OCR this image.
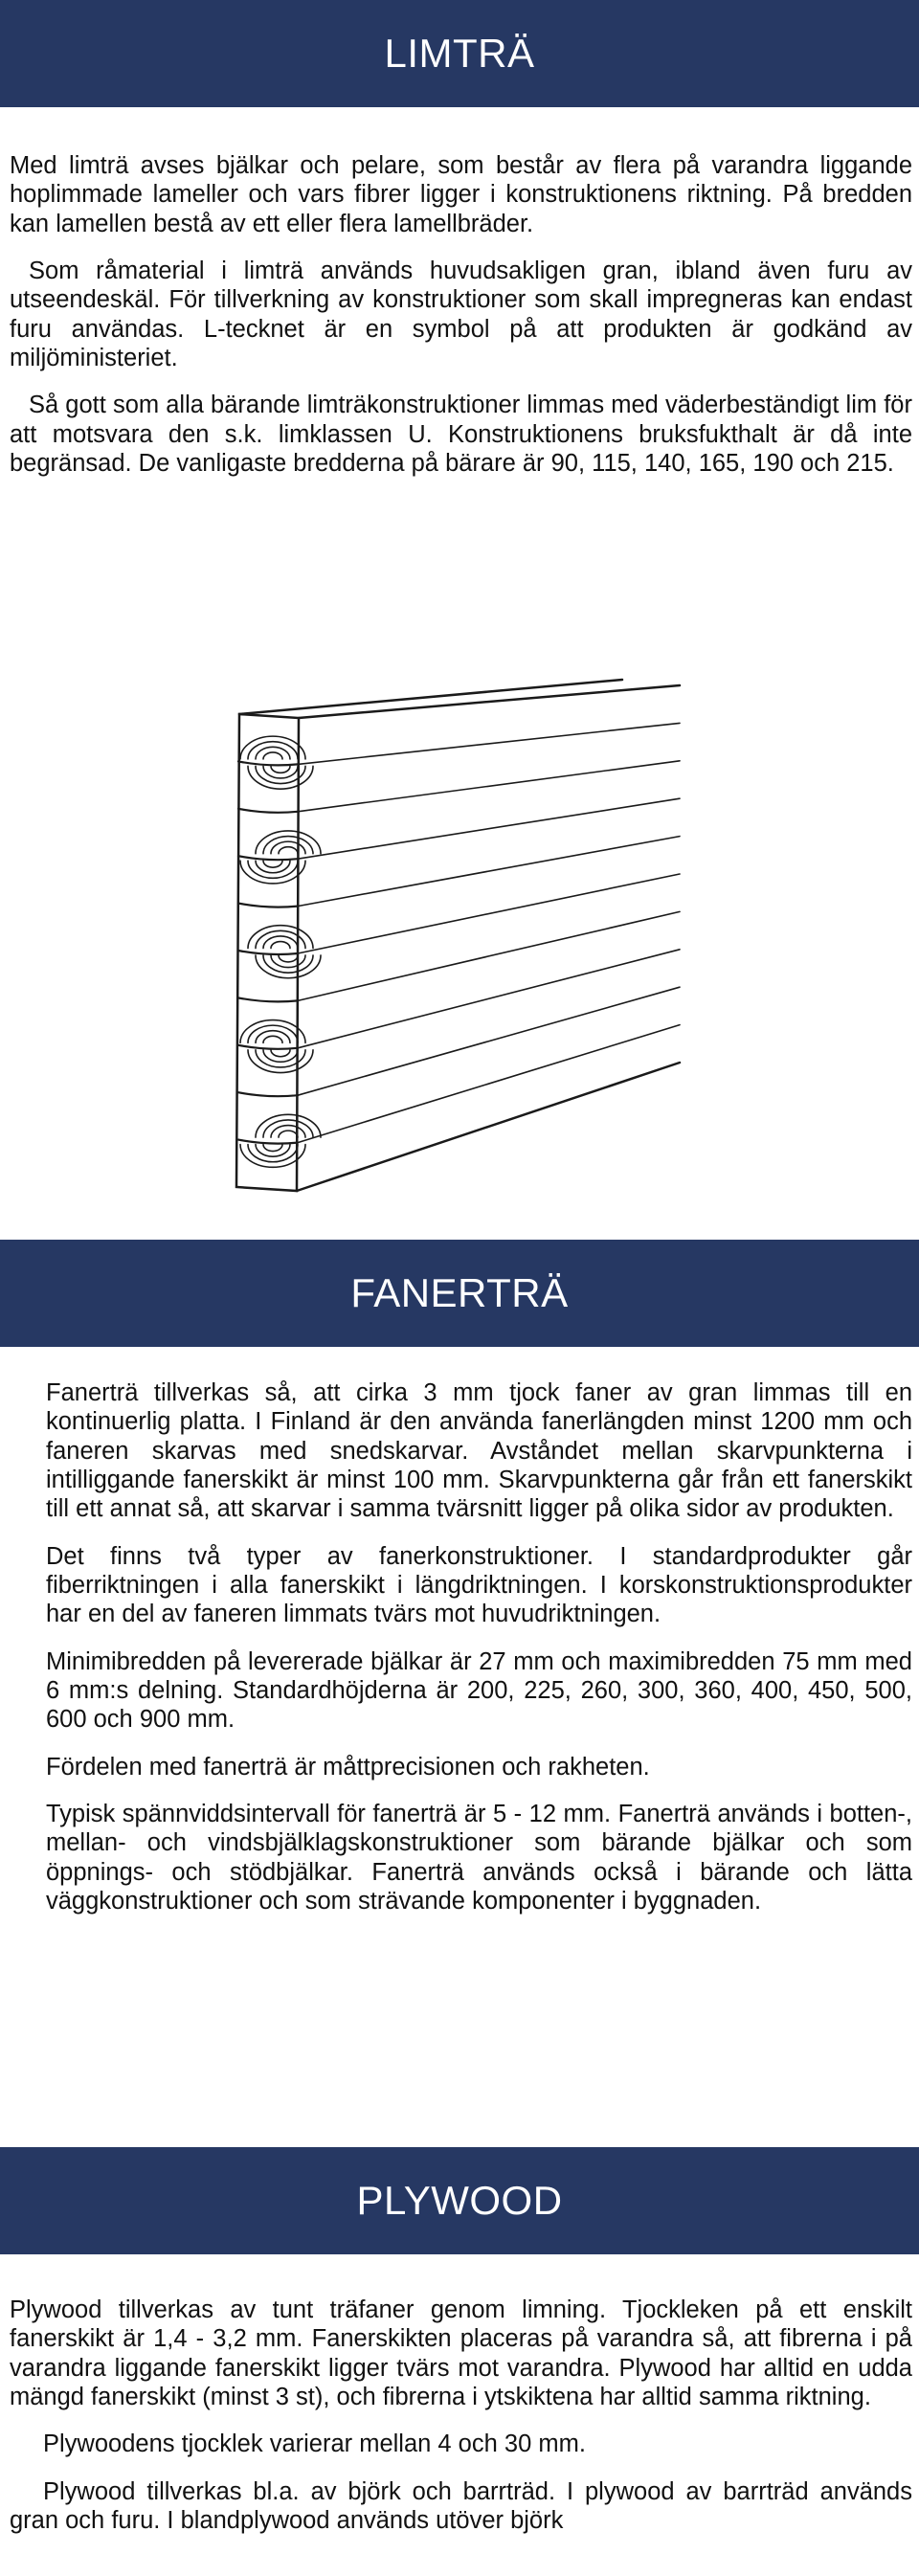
LIMTRÄ

Med limträ avses bjälkar och pelare, som består av flera på varandra liggande hoplimmade lameller och vars fibrer ligger i konstruktionens riktning. På bredden kan lamellen bestå av ett eller flera lamellbräder.

Som råmaterial i limträ används huvudsakligen gran, ibland även furu av utseendeskäl. För tillverkning av konstruktioner som skall impregneras kan endast furu användas. L-tecknet är en symbol på att produkten är godkänd av miljöministeriet.

Så gott som alla bärande limträkonstruktioner limmas med väderbeständigt lim för att motsvara den s.k. limklassen U. Konstruktionens bruksfukthalt är då inte begränsad. De vanligaste bredderna på bärare är 90, 115, 140, 165, 190 och 215.

FANERTRÄ

Fanerträ tillverkas så, att cirka 3 mm tjock faner av gran limmas till en kontinuerlig platta. I Finland är den använda fanerlängden minst 1200 mm och faneren skarvas med snedskarvar. Avståndet mellan skarvpunkterna i intilliggande fanerskikt är minst 100 mm. Skarvpunkterna går från ett fanerskikt till ett annat så, att skarvar i samma tvärsnitt ligger på olika sidor av produkten.

Det finns två typer av fanerkonstruktioner. I standardprodukter går fiberriktningen i alla fanerskikt i längdriktningen. I korskonstruktionsprodukter har en del av faneren limmats tvärs mot huvudriktningen.

Minimibredden på levererade bjälkar är 27 mm och maximibredden 75 mm med 6 mm:s delning. Standardhöjderna är 200, 225, 260, 300, 360, 400, 450, 500, 600 och 900 mm.

Fördelen med fanerträ är måttprecisionen och rakheten.

Typisk spännviddsintervall för fanerträ är 5 - 12 mm. Fanerträ används i botten-, mellan- och vindsbjälklagskonstruktioner som bärande bjälkar och som öppnings- och stödbjälkar. Fanerträ används också i bärande och lätta väggkonstruktioner och som strävande komponenter i byggnaden.

PLYWOOD

Plywood tillverkas av tunt träfaner genom limning. Tjockleken på ett enskilt fanerskikt är 1,4 - 3,2 mm. Fanerskikten placeras på varandra så, att fibrerna i på varandra liggande fanerskikt ligger tvärs mot varandra. Plywood har alltid en udda mängd fanerskikt (minst 3 st), och fibrerna i ytskiktena har alltid samma riktning.

Plywoodens tjocklek varierar mellan 4 och 30 mm.

Plywood tillverkas bl.a. av björk och barrträd. I plywood av barrträd används gran och furu. I blandplywood används utöver björk
